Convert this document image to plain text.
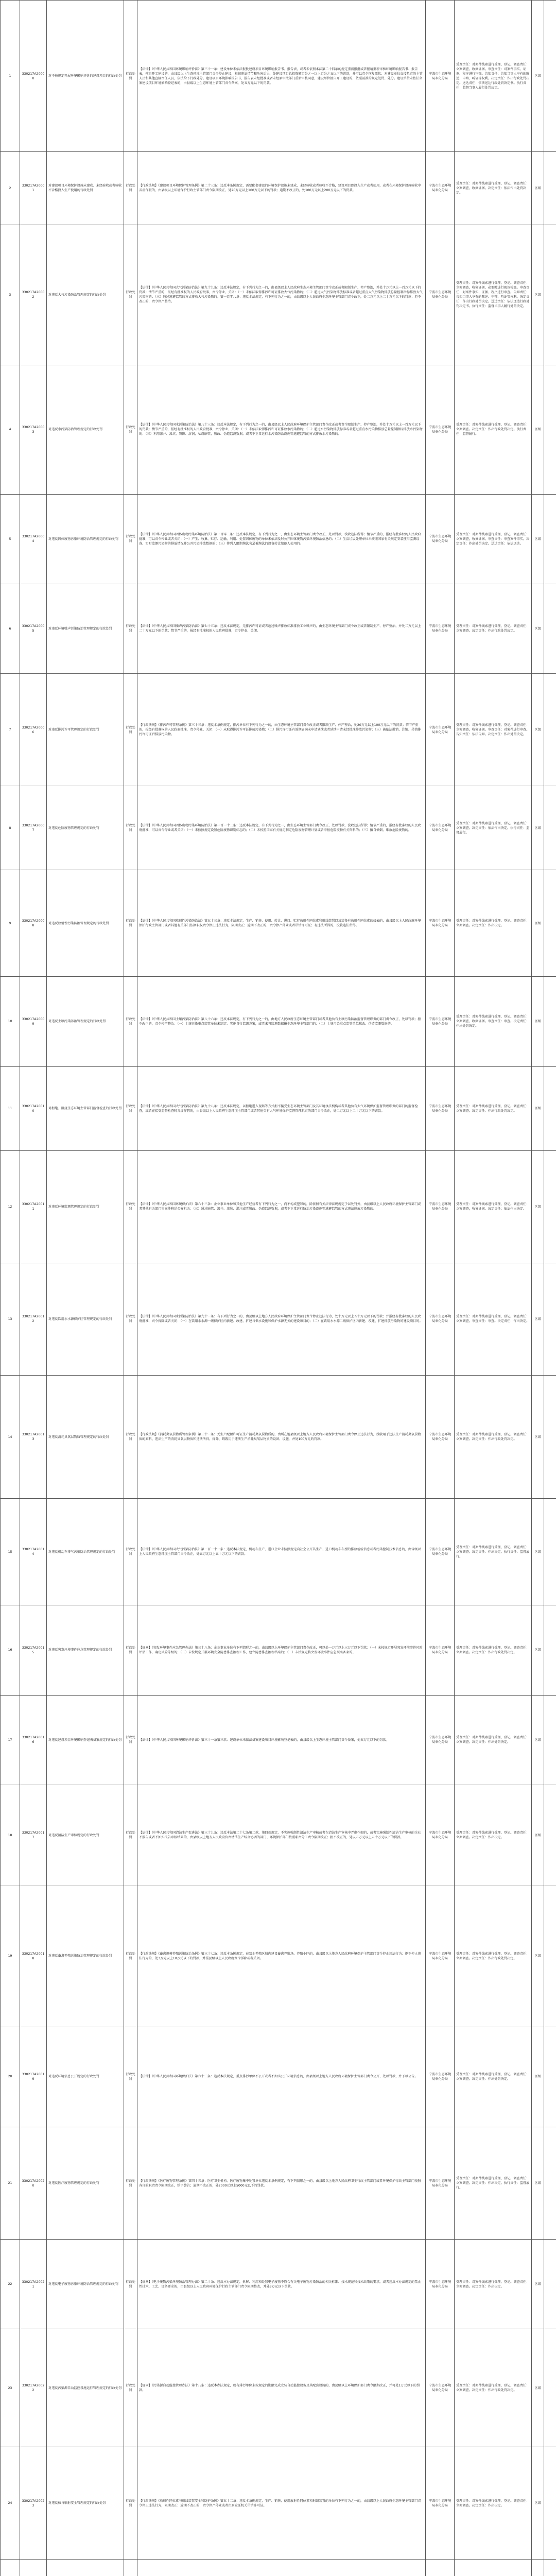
1	330217A20000	对不按规定开展环境影响评价的建设项目的行政处罚	行政处罚	【法律】《中华人民共和国环境影响评价法》第三十一条：建设单位未依法报批建设项目环境影响报告书、报告表，或者未依照本法第二十四条的规定重新报批或者报请重新审核环境影响报告书、报告表，擅自开工建设的，由县级以上生态环境主管部门责令停止建设，根据违法情节和危害后果，处建设项目总投资额百分之一以上百分之五以下的罚款，并可以责令恢复原状；对建设单位直接负责的主管人员和其他直接责任人员，依法给予行政处分。建设项目环境影响报告书、报告表未经批准或者未经原审批部门重新审核同意，建设单位擅自开工建设的，依照前款的规定处罚、处分。建设单位未依法备案建设项目环境影响登记表的，由县级以上生态环境主管部门责令备案，处五万元以下的罚款。	宁波市生态环境局奉化分局	受理责任：对案件线索进行受理、登记。调查责任：立案调查，收集证据。审查责任：对案件事实、证据、程序进行审查。告知责任：告知当事人享有的陈述、申辩、听证等权利。决定责任：作出行政处罚决定。送达责任：依法送达行政处罚决定书。执行责任：监督当事人履行处罚决定。	区级	

2	330217A20001	对建设项目环境保护设施未建成、未经验收或者验收不合格投入生产使用的行政处罚	行政处罚	【行政法规】《建设项目环境保护管理条例》第二十三条：违反本条例规定，需要配套建设的环境保护设施未建成、未经验收或者验收不合格，建设项目即投入生产或者使用，或者在环境保护设施验收中弄虚作假的，由县级以上环境保护行政主管部门责令限期改正，处20万元以上100万元以下的罚款；逾期不改正的，处100万元以上200万元以下的罚款。	宁波市生态环境局奉化分局	受理责任：对案件线索进行受理、登记。调查责任：立案调查，收集证据。决定责任：依法作出处罚决定。	区级	

3	330217A20002	对违反大气污染防治管理规定的行政处罚	行政处罚	【法律】《中华人民共和国大气污染防治法》第九十九条：违反本法规定，有下列行为之一的，由县级以上人民政府生态环境主管部门责令改正或者限制生产、停产整治，并处十万元以上一百万元以下的罚款；情节严重的，报经有批准权的人民政府批准，责令停业、关闭：（一）未依法取得排污许可证排放大气污染物的；（二）超过大气污染物排放标准或者超过重点大气污染物排放总量控制指标排放大气污染物的；（三）通过逃避监管的方式排放大气污染物的。第一百零八条：违反本法规定，有下列行为之一的，由县级以上人民政府生态环境主管部门责令改正，处二万元以上二十万元以下的罚款；拒不改正的，责令停产整治。	宁波市生态环境局奉化分局	受理责任：对案件线索进行受理、登记。调查责任：立案调查，收集证据，必要时进行现场检查。审查责任：对案件事实、证据、程序进行审查。告知责任：告知当事人享有的陈述、申辩、听证等权利。决定责任：作出行政处罚决定。送达责任：依法送达行政处罚决定书。执行责任：监督当事人履行处罚决定。	区级	

4	330217A20003	对违反水污染防治管理规定的行政处罚	行政处罚	【法律】《中华人民共和国水污染防治法》第八十三条：违反本法规定，有下列行为之一的，由县级以上人民政府环境保护主管部门责令改正或者责令限制生产、停产整治，并处十万元以上一百万元以下的罚款；情节严重的，报经有批准权的人民政府批准，责令停业、关闭：（一）未依法取得排污许可证排放水污染物的；（二）超过水污染物排放标准或者超过重点水污染物排放总量控制指标排放水污染物的；（三）利用渗井、渗坑、裂隙、溶洞，私设暗管，篡改、伪造监测数据，或者不正常运行水污染防治设施等逃避监管的方式排放水污染物的。	宁波市生态环境局奉化分局	受理责任：对案件线索进行受理、登记。调查责任：立案调查。决定责任：作出行政处罚决定。执行责任：监督履行。	区级	

5	330217A20004	对违反固体废物污染环境防治管理规定的行政处罚	行政处罚	【法律】《中华人民共和国固体废物污染环境防治法》第一百零二条：违反本法规定，有下列行为之一，由生态环境主管部门责令改正，处以罚款，没收违法所得；情节严重的，报经有批准权的人民政府批准，可以责令停业或者关闭：（一）产生、收集、贮存、运输、利用、处置固体废物的单位未依法及时公开固体废物污染环境防治信息的；（二）生活垃圾处理单位未按照国家有关规定安装使用监测设备、实时监测污染物的排放情况并公开污染排放数据的；（三）将列入限期淘汰名录被淘汰的设备转让给他人使用的。	宁波市生态环境局奉化分局	受理责任：对案件线索进行受理、登记。调查责任：立案调查，收集证据。审查责任：审查案件事实。决定责任：作出处罚决定。送达责任：依法送达。	区级	

6	330217A20005	对违反环境噪声污染防治管理规定的行政处罚	行政处罚	【法律】《中华人民共和国噪声污染防治法》第七十五条：违反本法规定，无排污许可证或者超过噪声排放标准排放工业噪声的，由生态环境主管部门责令改正或者限制生产、停产整治，并处二万元以上二十万元以下的罚款；情节严重的，报经有批准权的人民政府批准，责令停业、关闭。	宁波市生态环境局奉化分局	受理责任：对案件线索进行受理、登记。调查责任：立案调查。决定责任：作出行政处罚决定。	区级	

7	330217A20006	对违反排污许可管理规定的行政处罚	行政处罚	【行政法规】《排污许可管理条例》第三十三条：违反本条例规定，排污单位有下列行为之一的，由生态环境主管部门责令改正或者限制生产、停产整治，处20万元以上100万元以下的罚款；情节严重的，报经有批准权的人民政府批准，责令停业、关闭：（一）未取得排污许可证排放污染物；（二）排污许可证有效期届满未申请延续或者延续申请未经批准排放污染物；（三）被依法撤销、注销、吊销排污许可证后排放污染物。	宁波市生态环境局奉化分局	受理责任：对案件线索进行受理、登记。调查责任：立案调查，收集证据。审查责任：对案件进行审查。告知责任：依法告知。决定责任：作出处罚决定。	区级	

8	330217A20007	对违反危险废物管理规定的行政处罚	行政处罚	【法律】《中华人民共和国固体废物污染环境防治法》第一百一十二条：违反本法规定，有下列行为之一，由生态环境主管部门责令改正，处以罚款，没收违法所得；情节严重的，报经有批准权的人民政府批准，可以责令停业或者关闭：（一）未按照规定设置危险废物识别标志的；（二）未按照国家有关规定制定危险废物管理计划或者申报危险废物有关资料的；（三）擅自倾倒、堆放危险废物的。	宁波市生态环境局奉化分局	受理责任：对案件线索进行受理、登记。调查责任：立案调查。决定责任：依法作出决定。执行责任：监督履行。	区级	

9	330217A20008	对违反放射性污染防治管理规定的行政处罚	行政处罚	【法律】《中华人民共和国放射性污染防治法》第五十三条：违反本法规定，生产、销售、使用、转让、进口、贮存放射性同位素和射线装置以及装备有放射性同位素的仪表的，由县级以上人民政府环境保护行政主管部门或者其他有关部门依据职权责令停止违法行为，限期改正；逾期不改正的，责令停产停业或者吊销许可证；有违法所得的，没收违法所得。	宁波市生态环境局奉化分局	受理责任：对案件线索进行受理、登记。调查责任：立案调查。决定责任：作出决定。	区级	

10	330217A20009	对违反土壤污染防治管理规定的行政处罚	行政处罚	【法律】《中华人民共和国土壤污染防治法》第八十六条：违反本法规定，有下列行为之一的，由地方人民政府生态环境主管部门或者其他负有土壤污染防治监督管理职责的部门责令改正，处以罚款；拒不改正的，责令停产整治：（一）土壤污染重点监管单位未制定、实施自行监测方案，或者未将监测数据报生态环境主管部门的；（二）土壤污染重点监管单位篡改、伪造监测数据的。	宁波市生态环境局奉化分局	受理责任：对案件线索进行受理、登记。调查责任：立案调查，收集证据。审查责任：审查。决定责任：作出处罚决定。	区级	

11	330217A20010	对拒绝、阻挠生态环境主管部门监督检查的行政处罚	行政处罚	【法律】《中华人民共和国大气污染防治法》第九十八条：违反本法规定，以拒绝进入现场等方式拒不接受生态环境主管部门及其环境执法机构或者其他负有大气环境保护监督管理职责的部门的监督检查，或者在接受监督检查时弄虚作假的，由县级以上人民政府生态环境主管部门或者其他负有大气环境保护监督管理职责的部门责令改正，处二万元以上二十万元以下的罚款。	宁波市生态环境局奉化分局	受理责任：对案件线索进行受理、登记。调查责任：立案调查。决定责任：作出行政处罚决定。	区级	

12	330217A20011	对违反环境监测管理规定的行政处罚	行政处罚	【法律】《中华人民共和国环境保护法》第六十三条：企业事业单位和其他生产经营者有下列行为之一，尚不构成犯罪的，除依照有关法律法规规定予以处罚外，由县级以上人民政府环境保护主管部门或者其他有关部门将案件移送公安机关：（三）通过暗管、渗井、渗坑、灌注或者篡改、伪造监测数据，或者不正常运行防治污染设施等逃避监管的方式违法排放污染物的。	宁波市生态环境局奉化分局	受理责任：对案件线索进行受理、登记。调查责任：立案调查，收集证据。决定责任：依法作出决定。	区级	

13	330217A20012	对违反饮用水水源保护区管理规定的行政处罚	行政处罚	【法律】《中华人民共和国水污染防治法》第九十一条：有下列行为之一的，由县级以上地方人民政府环境保护主管部门责令停止违法行为，处十万元以上五十万元以下的罚款；并报经有批准权的人民政府批准，责令拆除或者关闭：（一）在饮用水水源一级保护区内新建、改建、扩建与供水设施和保护水源无关的建设项目的；（二）在饮用水水源二级保护区内新建、改建、扩建排放污染物的建设项目的。	宁波市生态环境局奉化分局	受理责任：对案件线索进行受理、登记。调查责任：立案调查。审查责任：审查。决定责任：作出决定。	区级	

14	330217A20013	对违反消耗臭氧层物质管理规定的行政处罚	行政处罚	【行政法规】《消耗臭氧层物质管理条例》第三十一条：无生产配额许可证生产消耗臭氧层物质的，由所在地县级以上地方人民政府环境保护主管部门责令停止违法行为，没收用于违法生产消耗臭氧层物质的原料、违法生产的消耗臭氧层物质和违法所得，拆除、销毁用于违法生产消耗臭氧层物质的设备、设施，并处100万元的罚款。	宁波市生态环境局奉化分局	受理责任：对案件线索进行受理、登记。调查责任：立案调查。决定责任：作出行政处罚决定。	区级	

15	330217A20014	对违反机动车排气污染防治管理规定的行政处罚	行政处罚	【法律】《中华人民共和国大气污染防治法》第一百一十一条：违反本法规定，机动车生产、进口企业未按照规定向社会公开其生产、进口机动车车型的排放检验信息或者污染控制技术信息的，由省级以上人民政府生态环境主管部门责令改正，处五万元以上五十万元以下的罚款。	宁波市生态环境局奉化分局	受理责任：对案件线索进行受理、登记。调查责任：立案调查。决定责任：作出决定。执行责任：监督履行。	区级	

16	330217A20015	对违反突发环境事件应急管理规定的行政处罚	行政处罚	【规章】《突发环境事件应急管理办法》第三十八条：企业事业单位有下列情形之一的，由县级以上环境保护主管部门责令改正，可以处一万元以上三万元以下罚款：（一）未按规定开展突发环境事件风险评估工作，确定风险等级的；（二）未按规定开展环境安全隐患排查治理工作，建立隐患排查治理档案的；（三）未按规定将突发环境事件应急预案备案的。	宁波市生态环境局奉化分局	受理责任：对案件线索进行受理、登记。调查责任：立案调查。决定责任：作出行政处罚决定。	区级	

17	330217A20016	对违反建设项目环境影响登记表备案规定的行政处罚	行政处罚	【法律】《中华人民共和国环境影响评价法》第三十一条第三款：建设单位未依法备案建设项目环境影响登记表的，由县级以上生态环境主管部门责令备案，处五万元以下的罚款。	宁波市生态环境局奉化分局	受理责任：对案件线索进行受理、登记。调查责任：立案调查。决定责任：作出处罚决定。	区级	

18	330217A20017	对违反清洁生产审核规定的行政处罚	行政处罚	【法律】《中华人民共和国清洁生产促进法》第三十九条：违反本法第二十七条第二款、第四款规定，不实施强制性清洁生产审核或者在清洁生产审核中弄虚作假的，或者实施强制性清洁生产审核的企业不报告或者不如实报告审核结果的，由县级以上地方人民政府负责清洁生产综合协调的部门、环境保护部门按照职责分工责令限期改正；拒不改正的，处以五万元以上五十万元以下的罚款。	宁波市生态环境局奉化分局	受理责任：对案件线索进行受理、登记。调查责任：立案调查。决定责任：作出决定。	区级	

19	330217A20018	对违反畜禽养殖污染防治管理规定的行政处罚	行政处罚	【行政法规】《畜禽规模养殖污染防治条例》第三十七条：违反本条例规定，在禁止养殖区域内建设畜禽养殖场、养殖小区的，由县级以上地方人民政府环境保护主管部门责令停止违法行为；拒不停止违法行为的，处3万元以上10万元以下的罚款，并报县级以上人民政府责令拆除或者关闭。	宁波市生态环境局奉化分局	受理责任：对案件线索进行受理、登记。调查责任：立案调查。决定责任：作出行政处罚决定。	区级	

20	330217A20019	对违反环境信息公开规定的行政处罚	行政处罚	【法律】《中华人民共和国环境保护法》第六十二条：违反本法规定，重点排污单位不公开或者不如实公开环境信息的，由县级以上地方人民政府环境保护主管部门责令公开，处以罚款，并予以公告。	宁波市生态环境局奉化分局	受理责任：对案件线索进行受理、登记。调查责任：立案调查。决定责任：作出处罚决定。	区级	

21	330217A20020	对违反医疗废物管理规定的行政处罚	行政处罚	【行政法规】《医疗废物管理条例》第四十五条：医疗卫生机构、医疗废物集中处置单位违反本条例规定，有下列情形之一的，由县级以上地方人民政府卫生行政主管部门或者环境保护行政主管部门按照各自的职责责令限期改正，给予警告；逾期不改正的，处2000元以上5000元以下的罚款。	宁波市生态环境局奉化分局	受理责任：对案件线索进行受理、登记。调查责任：立案调查。决定责任：作出决定。执行责任：监督履行。	区级	

22	330217A20021	对违反电子废物污染环境防治管理规定的行政处罚	行政处罚	【规章】《电子废物污染环境防治管理办法》第二十条：违反本办法规定，拆解、利用和处置电子废物不符合有关电子废物污染防治的相关标准、技术规范和技术政策的要求，或者违反本办法规定的禁止性技术、工艺、设备要求的，由县级以上人民政府环境保护行政主管部门责令限期整改，并处3万元以下罚款。	宁波市生态环境局奉化分局	受理责任：对案件线索进行受理、登记。调查责任：立案调查。决定责任：作出决定。	区级	

23	330217A20022	对违反污染源自动监控设施运行管理规定的行政处罚	行政处罚	【规章】《污染源自动监控管理办法》第十八条：违反本办法规定，现有排污单位未按规定的期限完成安装自动监控设备及其配套设施的，由县级以上环境保护部门责令限期改正，并可处1万元以下的罚款。	宁波市生态环境局奉化分局	受理责任：对案件线索进行受理、登记。调查责任：立案调查。决定责任：作出行政处罚决定。	区级	

24	330217A20023	对违反核与辐射安全管理规定的行政处罚	行政处罚	【行政法规】《放射性同位素与射线装置安全和防护条例》第五十二条：违反本条例规定，生产、销售、使用放射性同位素和射线装置的单位有下列行为之一的，由县级以上人民政府生态环境主管部门责令停止违法行为，限期改正；逾期不改正的，责令停产停业或者由原发证机关吊销许可证。	宁波市生态环境局奉化分局	受理责任：对案件线索进行受理、登记。调查责任：立案调查。决定责任：作出决定。	区级	
